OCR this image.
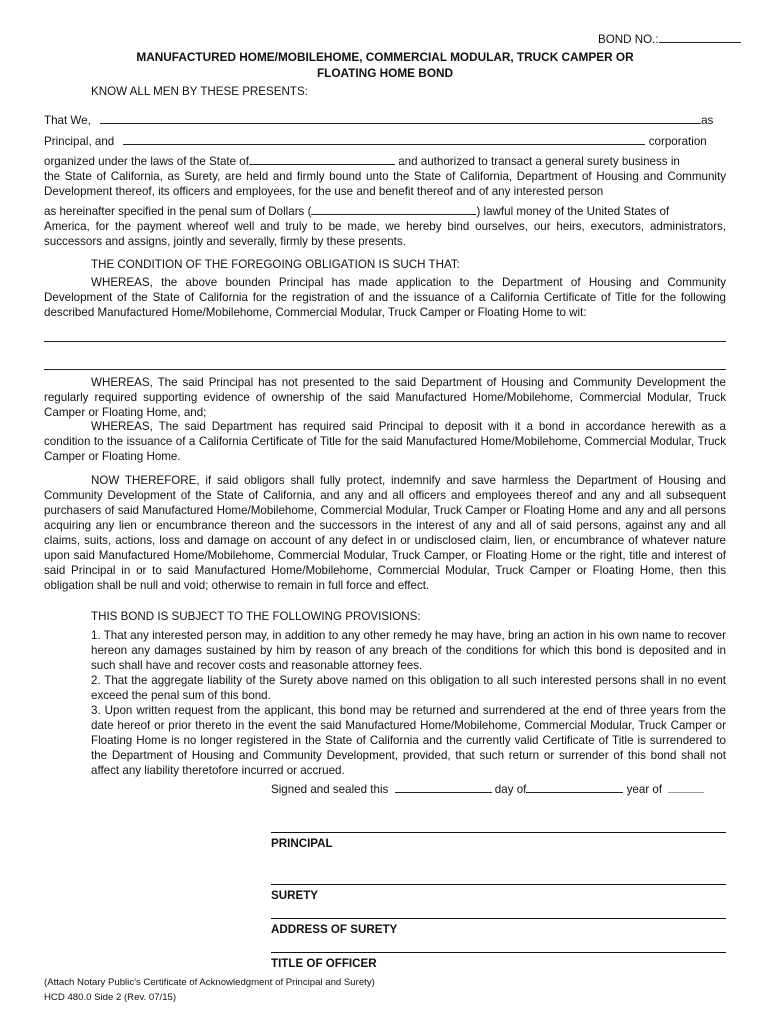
BOND NO.:
MANUFACTURED HOME/MOBILEHOME, COMMERCIAL MODULAR, TRUCK CAMPER OR
FLOATING HOME BOND
KNOW ALL MEN BY THESE PRESENTS:
That We,	as
Principal, and	corporation
organized under the laws of the State of	and authorized to transact a general surety business in
the State of California, as Surety, are held and firmly bound unto the State of California, Department of Housing and Community Development thereof, its officers and employees, for the use and benefit thereof and of any interested person
as hereinafter specified in the penal sum of Dollars (	) lawful money of the United States of
America, for the payment whereof well and truly to be made, we hereby bind ourselves, our heirs, executors, administrators, successors and assigns, jointly and severally, firmly by these presents.
THE CONDITION OF THE FOREGOING OBLIGATION IS SUCH THAT:
WHEREAS, the above bounden Principal has made application to the Department of Housing and Community Development of the State of California for the registration of and the issuance of a California Certificate of Title for the following described Manufactured Home/Mobilehome, Commercial Modular, Truck Camper or Floating Home to wit:
WHEREAS, The said Principal has not presented to the said Department of Housing and Community Development the regularly required supporting evidence of ownership of the said Manufactured Home/Mobilehome, Commercial Modular, Truck Camper or Floating Home, and;
WHEREAS, The said Department has required said Principal to deposit with it a bond in accordance herewith as a condition to the issuance of a California Certificate of Title for the said Manufactured Home/Mobilehome, Commercial Modular, Truck Camper or Floating Home.
NOW THEREFORE, if said obligors shall fully protect, indemnify and save harmless the Department of Housing and Community Development of the State of California, and any and all officers and employees thereof and any and all subsequent purchasers of said Manufactured Home/Mobilehome, Commercial Modular, Truck Camper or Floating Home and any and all persons acquiring any lien or encumbrance thereon and the successors in the interest of any and all of said persons, against any and all claims, suits, actions, loss and damage on account of any defect in or undisclosed claim, lien, or encumbrance of whatever nature upon said Manufactured Home/Mobilehome, Commercial Modular, Truck Camper, or Floating Home or the right, title and interest of said Principal in or to said Manufactured Home/Mobilehome, Commercial Modular, Truck Camper or Floating Home, then this obligation shall be null and void; otherwise to remain in full force and effect.
THIS BOND IS SUBJECT TO THE FOLLOWING PROVISIONS:
1. That any interested person may, in addition to any other remedy he may have, bring an action in his own name to recover hereon any damages sustained by him by reason of any breach of the conditions for which this bond is deposited and in such shall have and recover costs and reasonable attorney fees.
2. That the aggregate liability of the Surety above named on this obligation to all such interested persons shall in no event exceed the penal sum of this bond.
3. Upon written request from the applicant, this bond may be returned and surrendered at the end of three years from the date hereof or prior thereto in the event the said Manufactured Home/Mobilehome, Commercial Modular, Truck Camper or Floating Home is no longer registered in the State of California and the currently valid Certificate of Title is surrendered to the Department of Housing and Community Development, provided, that such return or surrender of this bond shall not affect any liability theretofore incurred or accrued.
Signed and sealed this	day of	year of
PRINCIPAL
SURETY
ADDRESS OF SURETY
TITLE OF OFFICER
(Attach Notary Public's Certificate of Acknowledgment of Principal and Surety)
HCD 480.0 Side 2 (Rev. 07/15)
